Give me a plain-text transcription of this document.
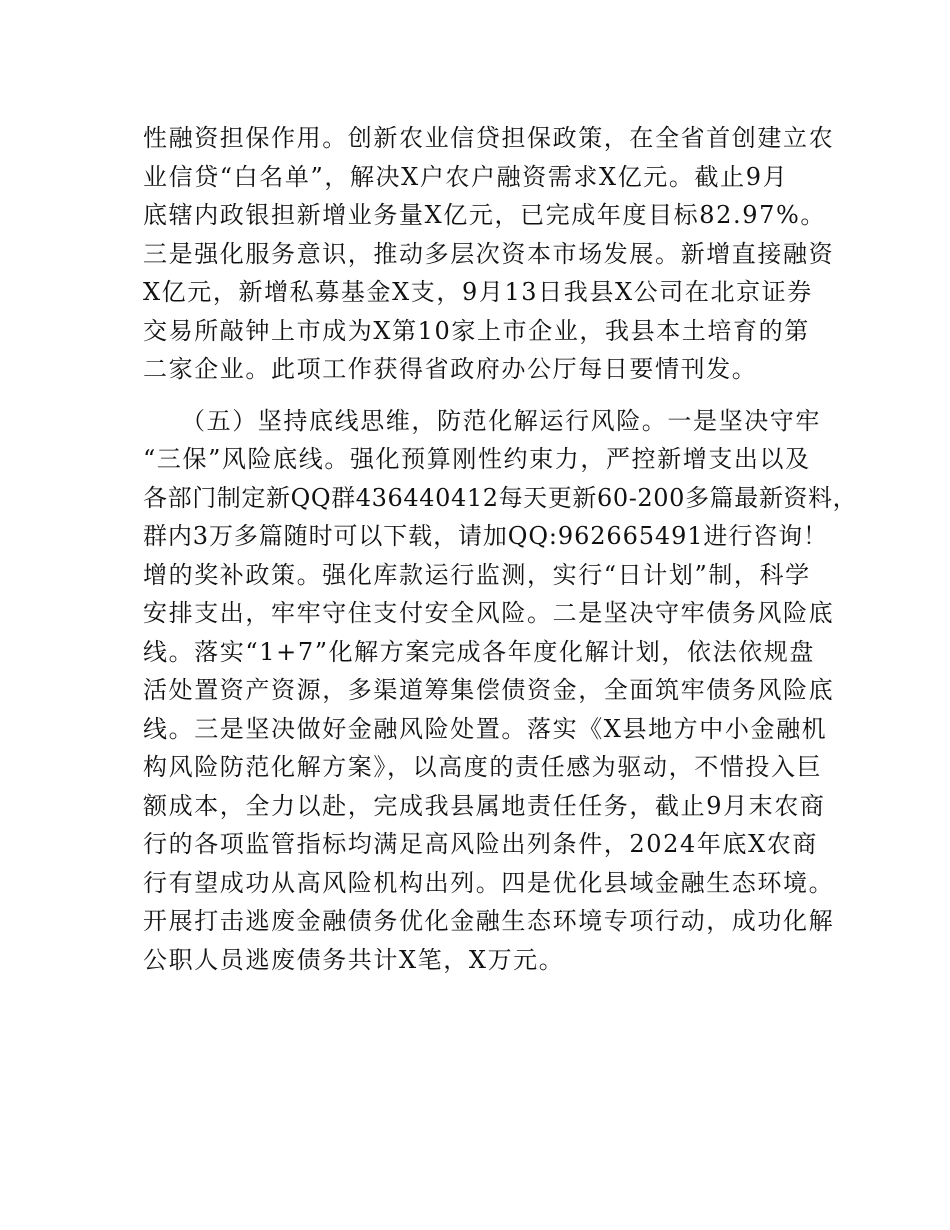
性融资担保作用。创新农业信贷担保政策，在全省首创建立农
业信贷“白名单”，解决X户农户融资需求X亿元。截止9月
底辖内政银担新增业务量X亿元，已完成年度目标82.97%。
三是强化服务意识，推动多层次资本市场发展。新增直接融资
X亿元，新增私募基金X支，9月13日我县X公司在北京证券
交易所敲钟上市成为X第10家上市企业，我县本土培育的第
二家企业。此项工作获得省政府办公厅每日要情刊发。
（五）坚持底线思维，防范化解运行风险。一是坚决守牢
“三保”风险底线。强化预算刚性约束力，严控新增支出以及
各部门制定新QQ群436440412每天更新60-200多篇最新资料，
群内3万多篇随时可以下载，请加QQ:962665491进行咨询！
增的奖补政策。强化库款运行监测，实行“日计划”制，科学
安排支出，牢牢守住支付安全风险。二是坚决守牢债务风险底
线。落实“1+7”化解方案完成各年度化解计划，依法依规盘
活处置资产资源，多渠道筹集偿债资金，全面筑牢债务风险底
线。三是坚决做好金融风险处置。落实《X县地方中小金融机
构风险防范化解方案》，以高度的责任感为驱动，不惜投入巨
额成本，全力以赴，完成我县属地责任任务，截止9月末农商
行的各项监管指标均满足高风险出列条件，2024年底X农商
行有望成功从高风险机构出列。四是优化县域金融生态环境。
开展打击逃废金融债务优化金融生态环境专项行动，成功化解
公职人员逃废债务共计X笔，X万元。
